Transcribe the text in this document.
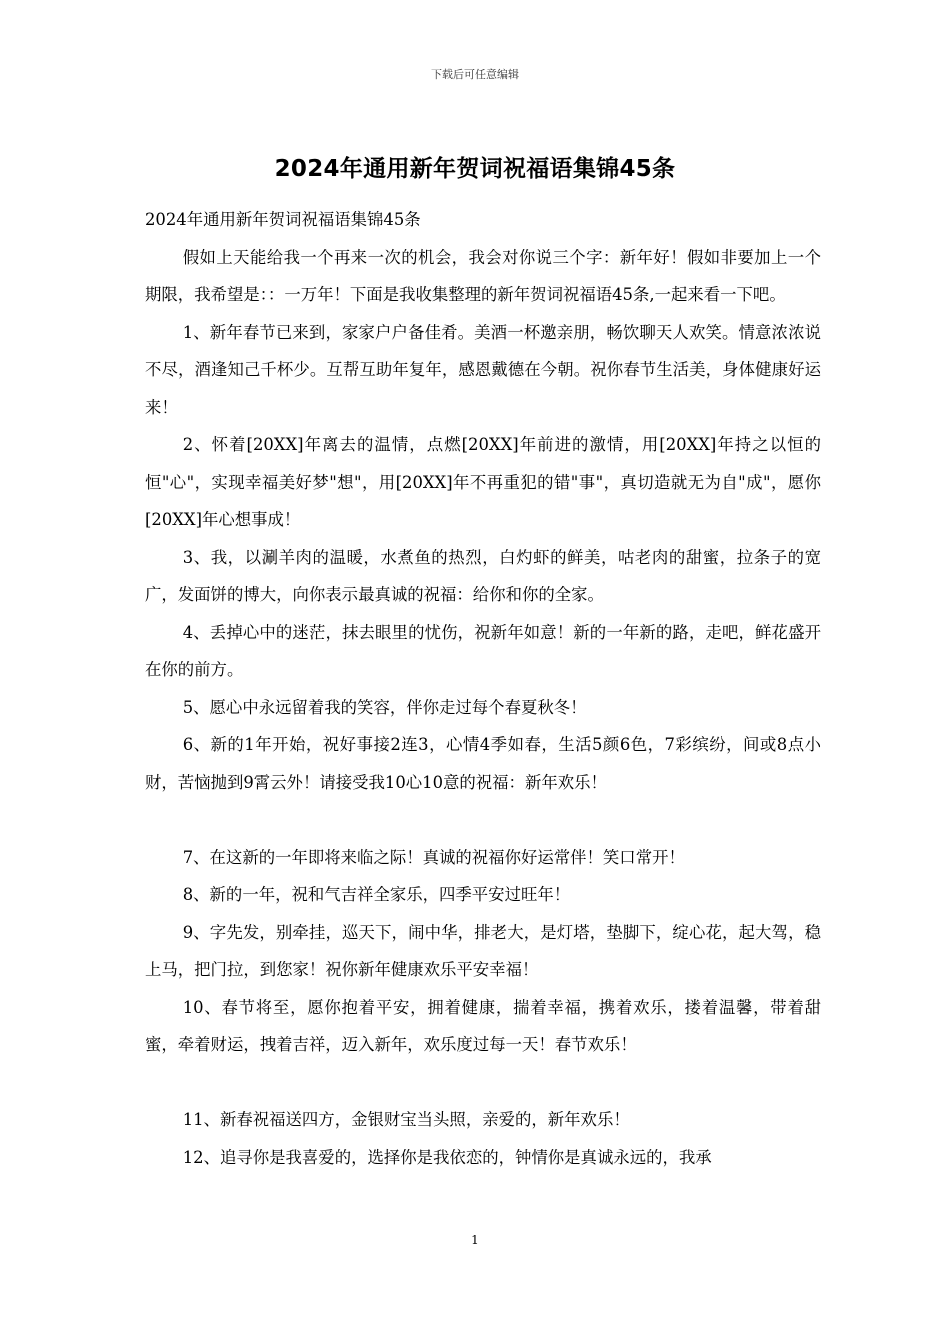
下载后可任意编辑
2024年通用新年贺词祝福语集锦45条

2024年通用新年贺词祝福语集锦45条

假如上天能给我一个再来一次的机会，我会对你说三个字：新年好！假如非要加上一个期限，我希望是：：一万年！下面是我收集整理的新年贺词祝福语45条,一起来看一下吧。

1、新年春节已来到，家家户户备佳肴。美酒一杯邀亲朋，畅饮聊天人欢笑。情意浓浓说不尽，酒逢知己千杯少。互帮互助年复年，感恩戴德在今朝。祝你春节生活美，身体健康好运来！

2、怀着[20XX]年离去的温情，点燃[20XX]年前进的激情，用[20XX]年持之以恒的恒"心"，实现幸福美好梦"想"，用[20XX]年不再重犯的错"事"，真切造就无为自"成"，愿你[20XX]年心想事成！

3、我，以涮羊肉的温暖，水煮鱼的热烈，白灼虾的鲜美，咕老肉的甜蜜，拉条子的宽广，发面饼的博大，向你表示最真诚的祝福：给你和你的全家。

4、丢掉心中的迷茫，抹去眼里的忧伤，祝新年如意！新的一年新的路，走吧，鲜花盛开在你的前方。

5、愿心中永远留着我的笑容，伴你走过每个春夏秋冬！

6、新的1年开始，祝好事接2连3，心情4季如春，生活5颜6色，7彩缤纷，间或8点小财，苦恼抛到9霄云外！请接受我10心10意的祝福：新年欢乐！

7、在这新的一年即将来临之际！真诚的祝福你好运常伴！笑口常开！

8、新的一年，祝和气吉祥全家乐，四季平安过旺年！

9、字先发，别牵挂，巡天下，闹中华，排老大，是灯塔，垫脚下，绽心花，起大驾，稳上马，把门拉，到您家！祝你新年健康欢乐平安幸福！

10、春节将至，愿你抱着平安，拥着健康，揣着幸福，携着欢乐，搂着温馨，带着甜蜜，牵着财运，拽着吉祥，迈入新年，欢乐度过每一天！春节欢乐！

11、新春祝福送四方，金银财宝当头照，亲爱的，新年欢乐！

12、追寻你是我喜爱的，选择你是我依恋的，钟情你是真诚永远的，我承

1
